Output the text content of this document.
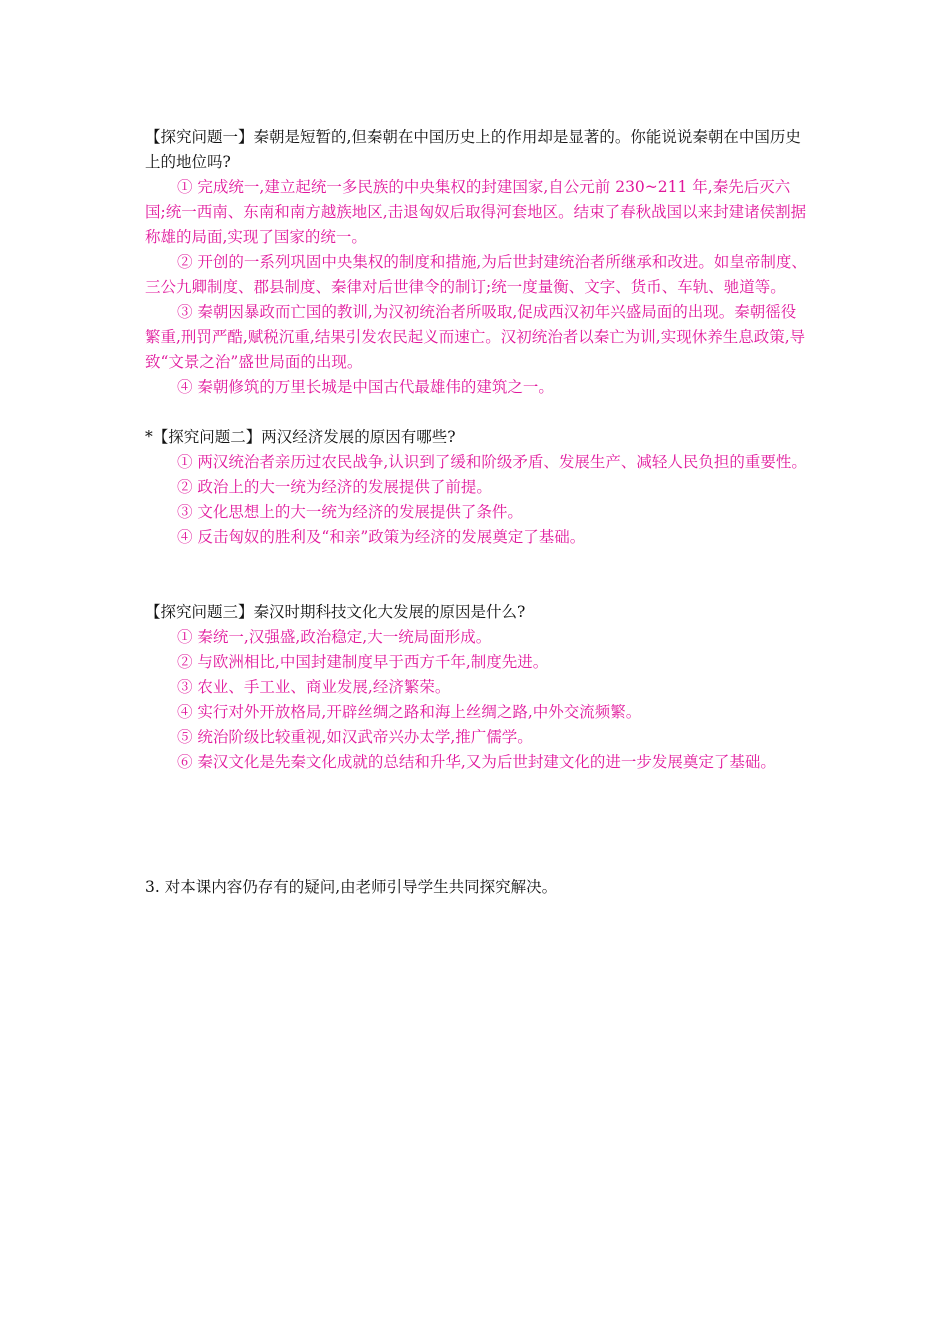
【探究问题一】秦朝是短暂的,但秦朝在中国历史上的作用却是显著的。你能说说秦朝在中国历史上的地位吗?

① 完成统一,建立起统一多民族的中央集权的封建国家,自公元前 230~211 年,秦先后灭六国;统一西南、东南和南方越族地区,击退匈奴后取得河套地区。结束了春秋战国以来封建诸侯割据称雄的局面,实现了国家的统一。

② 开创的一系列巩固中央集权的制度和措施,为后世封建统治者所继承和改进。如皇帝制度、三公九卿制度、郡县制度、秦律对后世律令的制订;统一度量衡、文字、货币、车轨、驰道等。

③ 秦朝因暴政而亡国的教训,为汉初统治者所吸取,促成西汉初年兴盛局面的出现。秦朝徭役繁重,刑罚严酷,赋税沉重,结果引发农民起义而速亡。汉初统治者以秦亡为训,实现休养生息政策,导致“文景之治”盛世局面的出现。

④ 秦朝修筑的万里长城是中国古代最雄伟的建筑之一。

*【探究问题二】两汉经济发展的原因有哪些?

① 两汉统治者亲历过农民战争,认识到了缓和阶级矛盾、发展生产、减轻人民负担的重要性。

② 政治上的大一统为经济的发展提供了前提。

③ 文化思想上的大一统为经济的发展提供了条件。

④ 反击匈奴的胜利及“和亲”政策为经济的发展奠定了基础。

【探究问题三】秦汉时期科技文化大发展的原因是什么?

① 秦统一,汉强盛,政治稳定,大一统局面形成。

② 与欧洲相比,中国封建制度早于西方千年,制度先进。

③ 农业、手工业、商业发展,经济繁荣。

④ 实行对外开放格局,开辟丝绸之路和海上丝绸之路,中外交流频繁。

⑤ 统治阶级比较重视,如汉武帝兴办太学,推广儒学。

⑥ 秦汉文化是先秦文化成就的总结和升华,又为后世封建文化的进一步发展奠定了基础。

3. 对本课内容仍存有的疑问,由老师引导学生共同探究解决。
